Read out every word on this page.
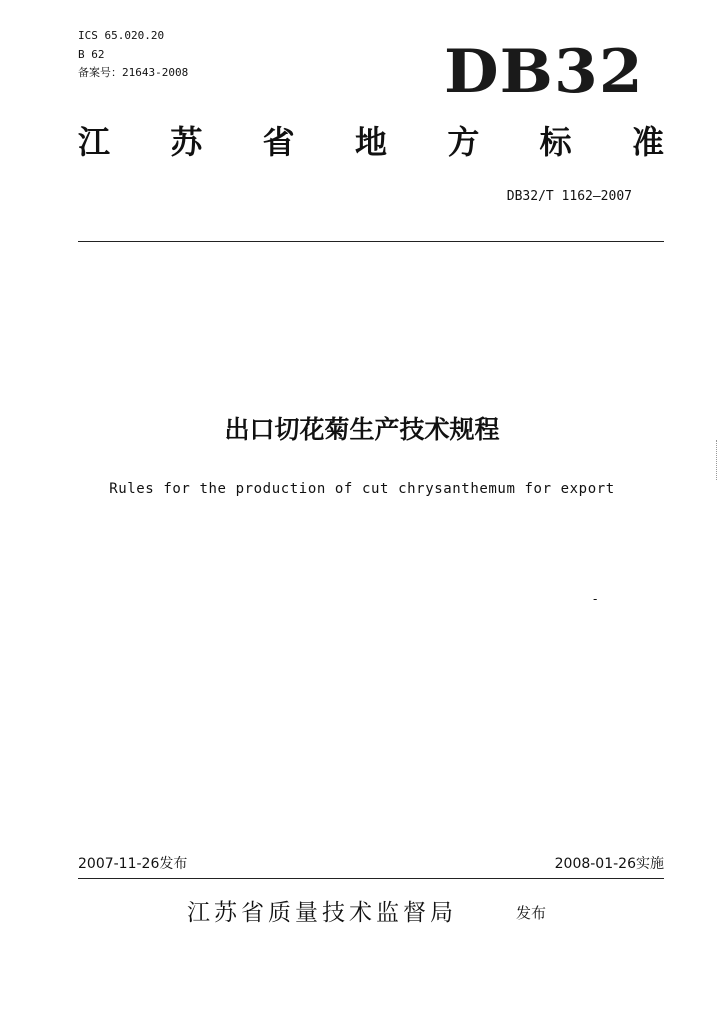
ICS 65.020.20
B 62
备案号：21643-2008	DB32
江 苏 省 地 方 标 准
DB32/T 1162—2007
出口切花菊生产技术规程
Rules for the production of cut chrysanthemum for export
-
2007-11-26发布	2008-01-26实施
江苏省质量技术监督局	发布
